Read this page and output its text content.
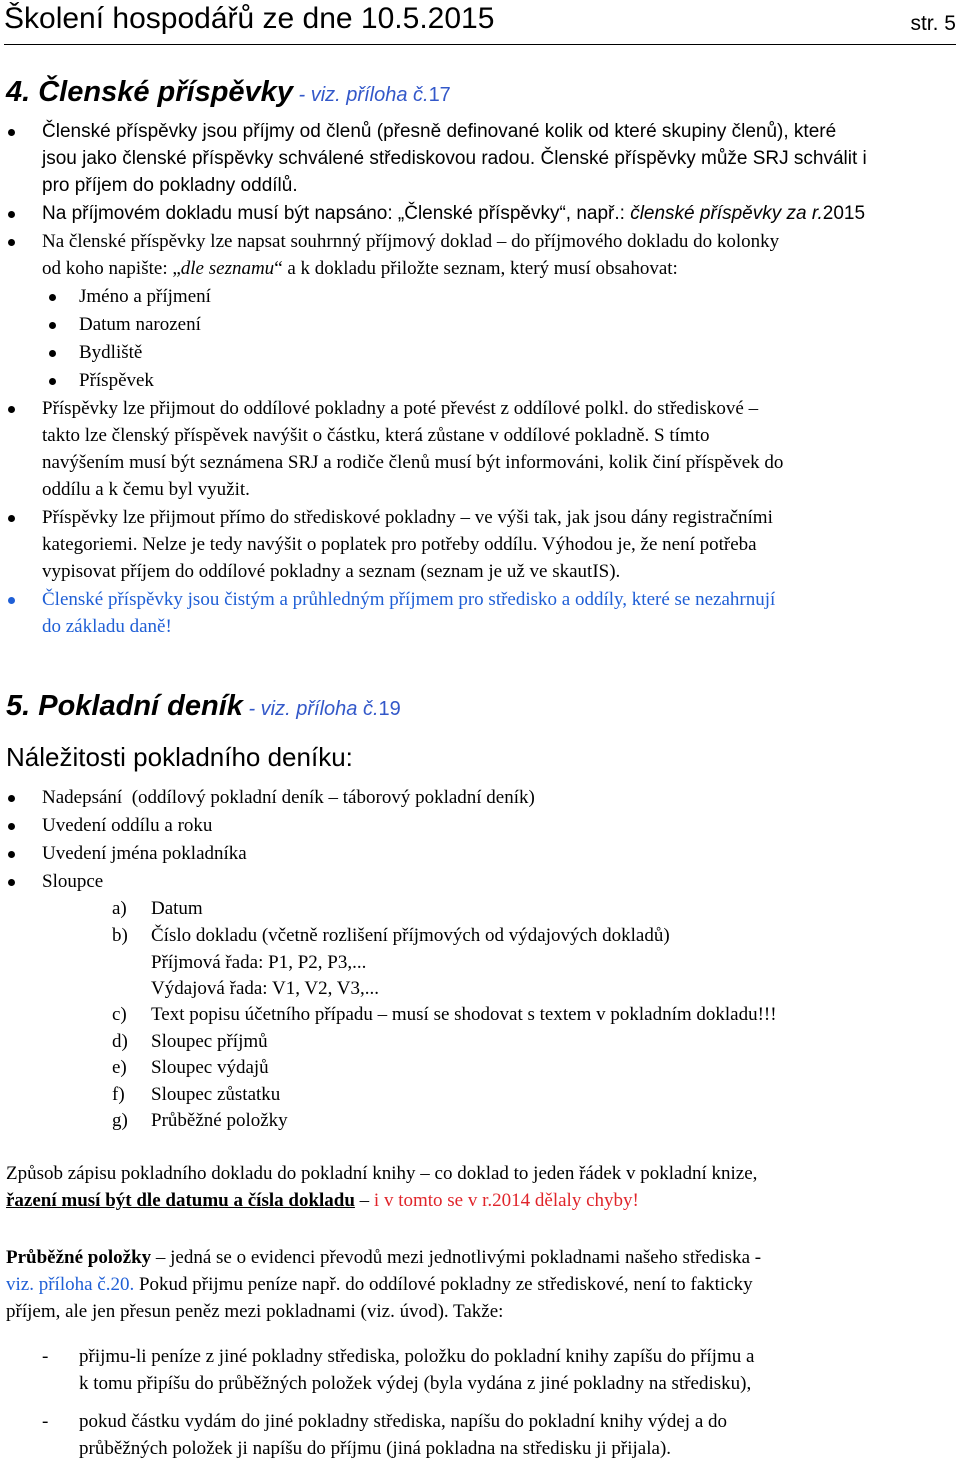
Školení hospodářů ze dne 10.5.2015	str. 5
4. Členské příspěvky - viz. příloha č.17
Členské příspěvky jsou příjmy od členů (přesně definované kolik od které skupiny členů), které
jsou jako členské příspěvky schválené střediskovou radou. Členské příspěvky může SRJ schválit i
pro příjem do pokladny oddílů.
Na příjmovém dokladu musí být napsáno: „Členské příspěvky“, např.: členské příspěvky za r.2015
Na členské příspěvky lze napsat souhrnný příjmový doklad – do příjmového dokladu do kolonky
od koho napište: „dle seznamu“ a k dokladu přiložte seznam, který musí obsahovat:
Jméno a příjmení
Datum narození
Bydliště
Příspěvek
Příspěvky lze přijmout do oddílové pokladny a poté převést z oddílové polkl. do střediskové –
takto lze členský příspěvek navýšit o částku, která zůstane v oddílové pokladně. S tímto
navýšením musí být seznámena SRJ a rodiče členů musí být informováni, kolik činí příspěvek do
oddílu a k čemu byl využit.
Příspěvky lze přijmout přímo do střediskové pokladny – ve výši tak, jak jsou dány registračními
kategoriemi. Nelze je tedy navýšit o poplatek pro potřeby oddílu. Výhodou je, že není potřeba
vypisovat příjem do oddílové pokladny a seznam (seznam je už ve skautIS).
Členské příspěvky jsou čistým a průhledným příjmem pro středisko a oddíly, které se nezahrnují
do základu daně!
5. Pokladní deník - viz. příloha č.19
Náležitosti pokladního deníku:
Nadepsání  (oddílový pokladní deník – táborový pokladní deník)
Uvedení oddílu a roku
Uvedení jména pokladníka
Sloupce
a) Datum
b) Číslo dokladu (včetně rozlišení příjmových od výdajových dokladů)
Příjmová řada: P1, P2, P3,...
Výdajová řada: V1, V2, V3,...
c) Text popisu účetního případu – musí se shodovat s textem v pokladním dokladu!!!
d) Sloupec příjmů
e) Sloupec výdajů
f) Sloupec zůstatku
g) Průběžné položky
Způsob zápisu pokladního dokladu do pokladní knihy – co doklad to jeden řádek v pokladní knize,
řazení musí být dle datumu a čísla dokladu – i v tomto se v r.2014 dělaly chyby!
Průběžné položky – jedná se o evidenci převodů mezi jednotlivými pokladnami našeho střediska -
viz. příloha č.20. Pokud přijmu peníze např. do oddílové pokladny ze střediskové, není to fakticky
příjem, ale jen přesun peněz mezi pokladnami (viz. úvod). Takže:
- přijmu-li peníze z jiné pokladny střediska, položku do pokladní knihy zapíšu do příjmu a
k tomu připíšu do průběžných položek výdej (byla vydána z jiné pokladny na středisku),
- pokud částku vydám do jiné pokladny střediska, napíšu do pokladní knihy výdej a do
průběžných položek ji napíšu do příjmu (jiná pokladna na středisku ji přijala).
